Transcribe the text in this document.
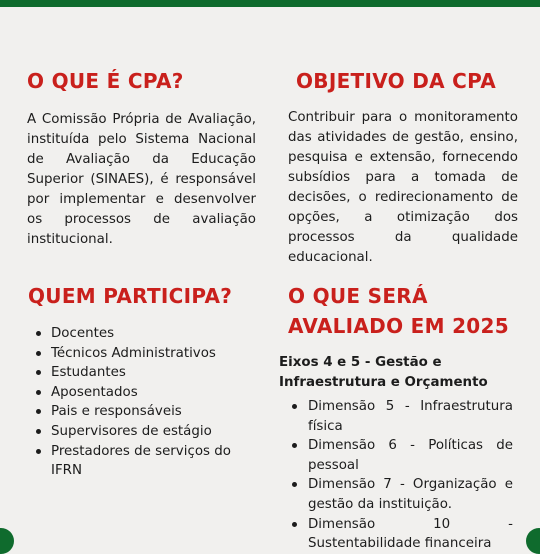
O QUE É CPA?

A Comissão Própria de Avaliação, instituída pelo Sistema Nacional de Avaliação da Educação Superior (SINAES), é responsável por implementar e desenvolver os processos de avaliação institucional.

OBJETIVO DA CPA

Contribuir para o monitoramento das atividades de gestão, ensino, pesquisa e extensão, fornecendo subsídios para a tomada de decisões, o redirecionamento de opções, a otimização dos processos da qualidade educacional.

QUEM PARTICIPA?
Docentes
Técnicos Administrativos
Estudantes
Aposentados
Pais e responsáveis
Supervisores de estágio
Prestadores de serviços do IFRN
O QUE SERÁ
AVALIADO EM 2025

Eixos 4 e 5 - Gestão e
Infraestrutura e Orçamento

Dimensão 5 - Infraestrutura física
Dimensão 6 - Políticas de pessoal
Dimensão 7 - Organização e gestão da instituição.
Dimensão 10 - Sustentabilidade financeira
